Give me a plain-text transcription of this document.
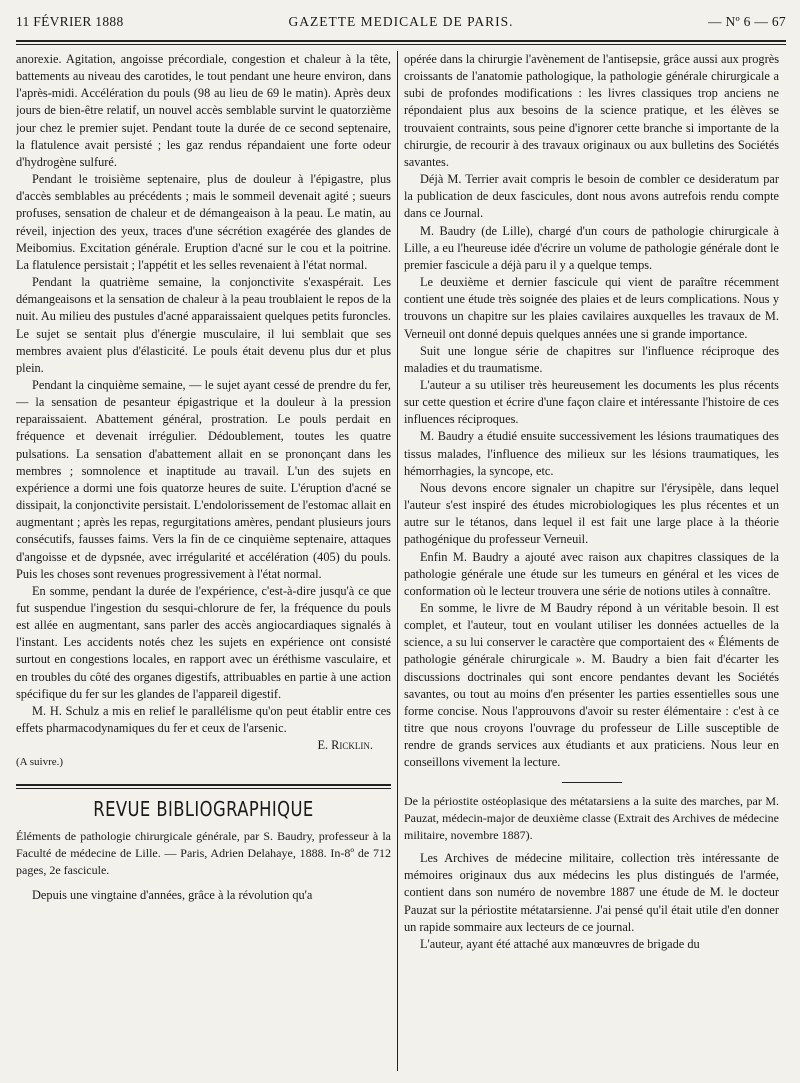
11 FÉVRIER 1888	GAZETTE MEDICALE DE PARIS.	— Nº 6 — 67

anorexie. Agitation, angoisse précordiale, congestion et chaleur à la tête, battements au niveau des carotides, le tout pendant une heure environ, dans l'après-midi. Accélération du pouls (98 au lieu de 69 le matin). Après deux jours de bien-être relatif, un nouvel accès semblable survint le quatorzième jour chez le premier sujet. Pendant toute la durée de ce second septenaire, la flatulence avait persisté ; les gaz rendus répandaient une forte odeur d'hydrogène sulfuré.

Pendant le troisième septenaire, plus de douleur à l'épigastre, plus d'accès semblables au précédents ; mais le sommeil devenait agité ; sueurs profuses, sensation de chaleur et de démangeaison à la peau. Le matin, au réveil, injection des yeux, traces d'une sécrétion exagérée des glandes de Meibomius. Excitation générale. Eruption d'acné sur le cou et la poitrine. La flatulence persistait ; l'appétit et les selles revenaient à l'état normal.

Pendant la quatrième semaine, la conjonctivite s'exaspérait. Les démangeaisons et la sensation de chaleur à la peau troublaient le repos de la nuit. Au milieu des pustules d'acné apparaissaient quelques petits furoncles. Le sujet se sentait plus d'énergie musculaire, il lui semblait que ses membres avaient plus d'élasticité. Le pouls était devenu plus dur et plus plein.

Pendant la cinquième semaine, — le sujet ayant cessé de prendre du fer, — la sensation de pesanteur épigastrique et la douleur à la pression reparaissaient. Abattement général, prostration. Le pouls perdait en fréquence et devenait irrégulier. Dédoublement, toutes les quatre pulsations. La sensation d'abattement allait en se prononçant dans les membres ; somnolence et inaptitude au travail. L'un des sujets en expérience a dormi une fois quatorze heures de suite. L'éruption d'acné se dissipait, la conjonctivite persistait. L'endolorissement de l'estomac allait en augmentant ; après les repas, regurgitations amères, pendant plusieurs jours consécutifs, fausses faims. Vers la fin de ce cinquième septenaire, attaques d'angoisse et de dypsnée, avec irrégularité et accélération (405) du pouls. Puis les choses sont revenues progressivement à l'état normal.

En somme, pendant la durée de l'expérience, c'est-à-dire jusqu'à ce que fut suspendue l'ingestion du sesqui-chlorure de fer, la fréquence du pouls est allée en augmentant, sans parler des accès angiocardiaques signalés à l'instant. Les accidents notés chez les sujets en expérience ont consisté surtout en congestions locales, en rapport avec un éréthisme vasculaire, et en troubles du côté des organes digestifs, attribuables en partie à une action spécifique du fer sur les glandes de l'appareil digestif.

M. H. Schulz a mis en relief le parallélisme qu'on peut établir entre ces effets pharmacodynamiques du fer et ceux de l'arsenic.

E. Ricklin.

(A suivre.)

REVUE BIBLIOGRAPHIQUE

Éléments de pathologie chirurgicale générale, par S. Baudry, professeur à la Faculté de médecine de Lille. — Paris, Adrien Delahaye, 1888. In-8º de 712 pages, 2e fascicule.

Depuis une vingtaine d'années, grâce à la révolution qu'a

opérée dans la chirurgie l'avènement de l'antisepsie, grâce aussi aux progrès croissants de l'anatomie pathologique, la pathologie générale chirurgicale a subi de profondes modifications : les livres classiques trop anciens ne répondaient plus aux besoins de la science pratique, et les élèves se trouvaient contraints, sous peine d'ignorer cette branche si importante de la chirurgie, de recourir à des travaux originaux ou aux bulletins des Sociétés savantes.

Déjà M. Terrier avait compris le besoin de combler ce desideratum par la publication de deux fascicules, dont nous avons autrefois rendu compte dans ce Journal.

M. Baudry (de Lille), chargé d'un cours de pathologie chirurgicale à Lille, a eu l'heureuse idée d'écrire un volume de pathologie générale dont le premier fascicule a déjà paru il y a quelque temps.

Le deuxième et dernier fascicule qui vient de paraître récemment contient une étude très soignée des plaies et de leurs complications. Nous y trouvons un chapitre sur les plaies cavilaires auxquelles les travaux de M. Verneuil ont donné depuis quelques années une si grande importance.

Suit une longue série de chapitres sur l'influence réciproque des maladies et du traumatisme.

L'auteur a su utiliser très heureusement les documents les plus récents sur cette question et écrire d'une façon claire et intéressante l'histoire de ces influences réciproques.

M. Baudry a étudié ensuite successivement les lésions traumatiques des tissus malades, l'influence des milieux sur les lésions traumatiques, les hémorrhagies, la syncope, etc.

Nous devons encore signaler un chapitre sur l'érysipèle, dans lequel l'auteur s'est inspiré des études microbiologiques les plus récentes et un autre sur le tétanos, dans lequel il est fait une large place à la théorie pathogénique du professeur Verneuil.

Enfin M. Baudry a ajouté avec raison aux chapitres classiques de la pathologie générale une étude sur les tumeurs en général et les vices de conformation où le lecteur trouvera une série de notions utiles à connaître.

En somme, le livre de M Baudry répond à un véritable besoin. Il est complet, et l'auteur, tout en voulant utiliser les données actuelles de la science, a su lui conserver le caractère que comportaient des « Éléments de pathologie générale chirurgicale ». M. Baudry a bien fait d'écarter les discussions doctrinales qui sont encore pendantes devant les Sociétés savantes, ou tout au moins d'en présenter les parties essentielles sous une forme concise. Nous l'approuvons d'avoir su rester élémentaire : c'est à ce titre que nous croyons l'ouvrage du professeur de Lille susceptible de rendre de grands services aux étudiants et aux praticiens. Nous leur en conseillons vivement la lecture.

De la périostite ostéoplasique des métatarsiens a la suite des marches, par M. Pauzat, médecin-major de deuxième classe (Extrait des Archives de médecine militaire, novembre 1887).

Les Archives de médecine militaire, collection très intéressante de mémoires originaux dus aux médecins les plus distingués de l'armée, contient dans son numéro de novembre 1887 une étude de M. le docteur Pauzat sur la périostite métatarsienne. J'ai pensé qu'il était utile d'en donner un rapide sommaire aux lecteurs de ce journal.

L'auteur, ayant été attaché aux manœuvres de brigade du
